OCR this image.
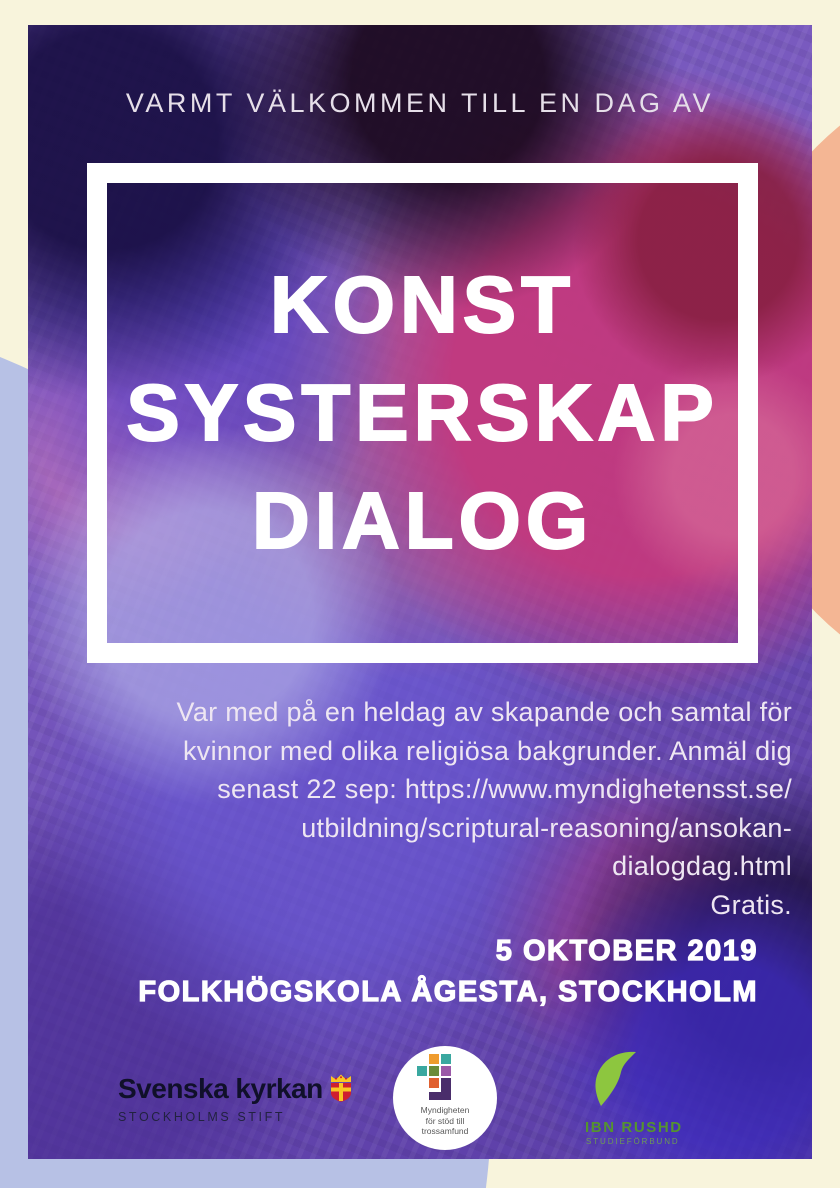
VARMT VÄLKOMMEN TILL EN DAG AV
KONST
SYSTERSKAP
DIALOG
Var med på en heldag av skapande och samtal för
kvinnor med olika religiösa bakgrunder. Anmäl dig
senast 22 sep: https://www.myndighetensst.se/
utbildning/scriptural-reasoning/ansokan-
dialogdag.html
Gratis.
5 OKTOBER 2019
FOLKHÖGSKOLA ÅGESTA, STOCKHOLM
Svenska kyrkan
STOCKHOLMS STIFT	Myndigheten
för stöd till
trossamfund	IBN RUSHD
STUDIEFÖRBUND
